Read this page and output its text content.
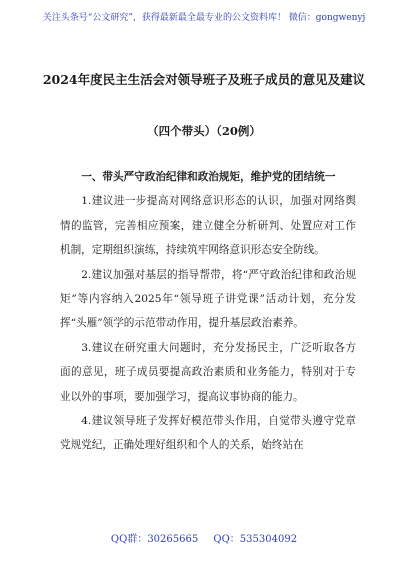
关注头条号“公文研究”，获得最新最全最专业的公文资料库！ 微信：gongwenyj
2024年度民主生活会对领导班子及班子成员的意见及建议
（四个带头）（20例）

一、带头严守政治纪律和政治规矩，维护党的团结统一

1.建议进一步提高对网络意识形态的认识，加强对网络舆情的监管，完善相应预案，建立健全分析研判、处置应对工作机制，定期组织演练，持续筑牢网络意识形态安全防线。

2.建议加强对基层的指导帮带，将“严守政治纪律和政治规矩”等内容纳入2025年“领导班子讲党课”活动计划，充分发挥“头雁”领学的示范带动作用，提升基层政治素养。

3.建议在研究重大问题时，充分发扬民主，广泛听取各方面的意见，班子成员要提高政治素质和业务能力，特别对于专业以外的事项，要加强学习，提高议事协商的能力。

4.建议领导班子发挥好模范带头作用，自觉带头遵守党章党规党纪，正确处理好组织和个人的关系，始终站在

QQ群：30265665 QQ：535304092
